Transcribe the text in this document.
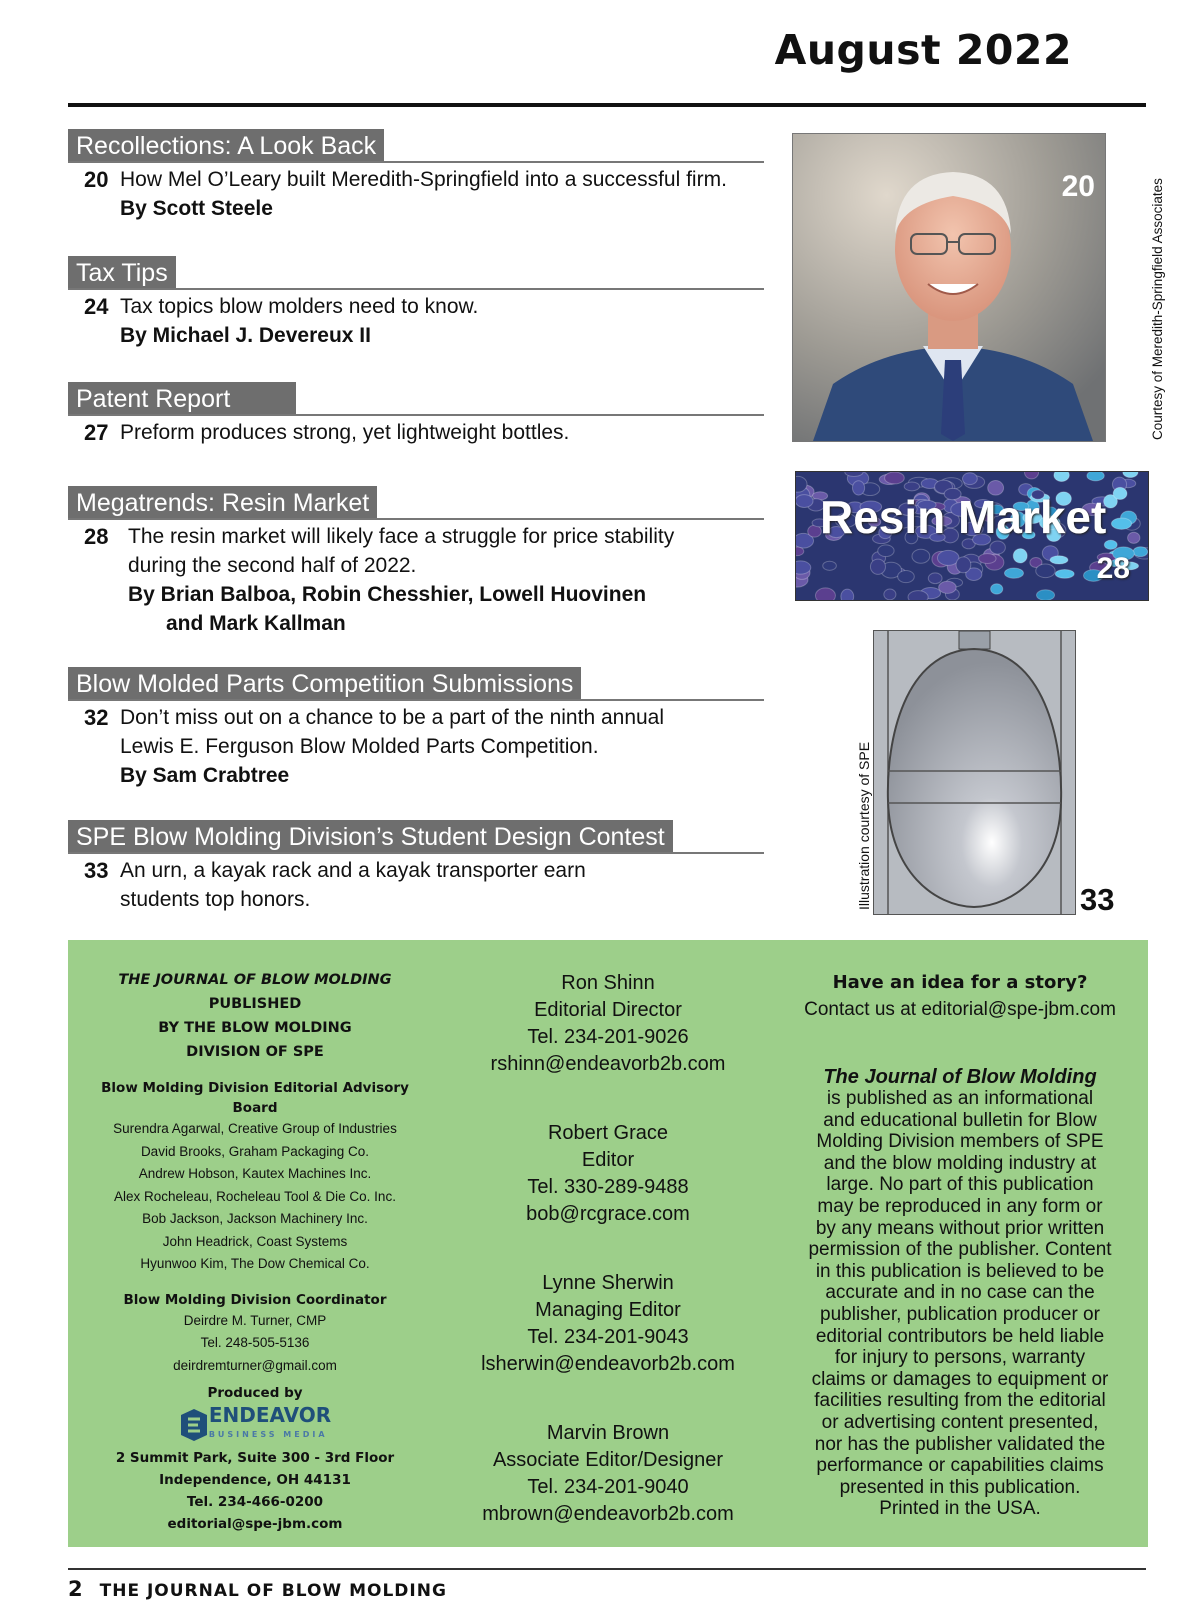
August 2022
Recollections: A Look Back
20 How Mel O’Leary built Meredith-Springfield into a successful firm.
By Scott Steele
Tax Tips
24 Tax topics blow molders need to know.
By Michael J. Devereux II
Patent Report
27 Preform produces strong, yet lightweight bottles.
Megatrends: Resin Market
28 The resin market will likely face a struggle for price stability
during the second half of 2022.
By Brian Balboa, Robin Chesshier, Lowell Huovinen
and Mark Kallman
Blow Molded Parts Competition Submissions
32 Don’t miss out on a chance to be a part of the ninth annual
Lewis E. Ferguson Blow Molded Parts Competition.
By Sam Crabtree
SPE Blow Molding Division’s Student Design Contest
33 An urn, a kayak rack and a kayak transporter earn
students top honors.
20	Courtesy of Meredith-Springfield Associates
Resin Market
28
33
Illustration courtesy of SPE
THE JOURNAL OF BLOW MOLDING
PUBLISHED
BY THE BLOW MOLDING
DIVISION OF SPE
Blow Molding Division Editorial Advisory Board
Surendra Agarwal, Creative Group of Industries
David Brooks, Graham Packaging Co.
Andrew Hobson, Kautex Machines Inc.
Alex Rocheleau, Rocheleau Tool & Die Co. Inc.
Bob Jackson, Jackson Machinery Inc.
John Headrick, Coast Systems
Hyunwoo Kim, The Dow Chemical Co.
Blow Molding Division Coordinator
Deirdre M. Turner, CMP
Tel. 248-505-5136
deirdremturner@gmail.com
Produced by
ENDEAVOR
BUSINESS MEDIA
2 Summit Park, Suite 300 - 3rd Floor
Independence, OH 44131
Tel. 234-466-0200
editorial@spe-jbm.com
Ron Shinn
Editorial Director
Tel. 234-201-9026
rshinn@endeavorb2b.com
Robert Grace
Editor
Tel. 330-289-9488
bob@rcgrace.com
Lynne Sherwin
Managing Editor
Tel. 234-201-9043
lsherwin@endeavorb2b.com
Marvin Brown
Associate Editor/Designer
Tel. 234-201-9040
mbrown@endeavorb2b.com
Have an idea for a story?
Contact us at editorial@spe-jbm.com
The Journal of Blow Molding
is published as an informational
and educational bulletin for Blow
Molding Division members of SPE
and the blow molding industry at
large. No part of this publication
may be reproduced in any form or
by any means without prior written
permission of the publisher. Content
in this publication is believed to be
accurate and in no case can the
publisher, publication producer or
editorial contributors be held liable
for injury to persons, warranty
claims or damages to equipment or
facilities resulting from the editorial
or advertising content presented,
nor has the publisher validated the
performance or capabilities claims
presented in this publication.
Printed in the USA.
2 THE JOURNAL OF BLOW MOLDING
